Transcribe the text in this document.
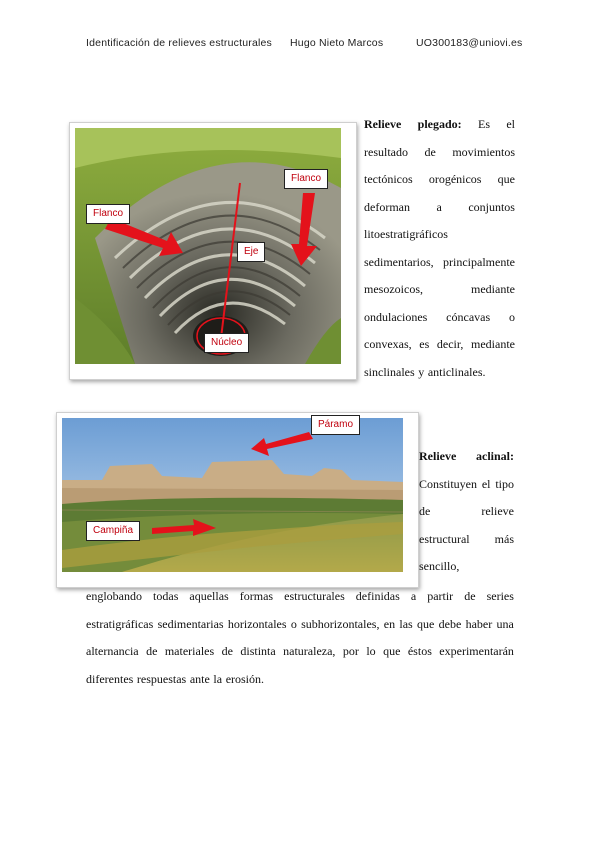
Identificación de relieves estructurales Hugo Nieto Marcos	UO300183@uniovi.es
Flanco
Flanco
Eje
Núcleo
Relieve plegado: Es el
resultado de movimientos
tectónicos orogénicos que
deforman a conjuntos
litoestratigráficos
sedimentarios, principalmente
mesozoicos,	mediante
ondulaciones cóncavas o
convexas, es decir, mediante
sinclinales y anticlinales.
Páramo
Campiña
Relieve aclinal:
Constituyen el tipo
de	relieve
estructural más
sencillo,
englobando todas aquellas formas estructurales definidas a partir de series
estratigráficas sedimentarias horizontales o subhorizontales, en las que debe haber una
alternancia de materiales de distinta naturaleza, por lo que éstos experimentarán
diferentes respuestas ante la erosión.
